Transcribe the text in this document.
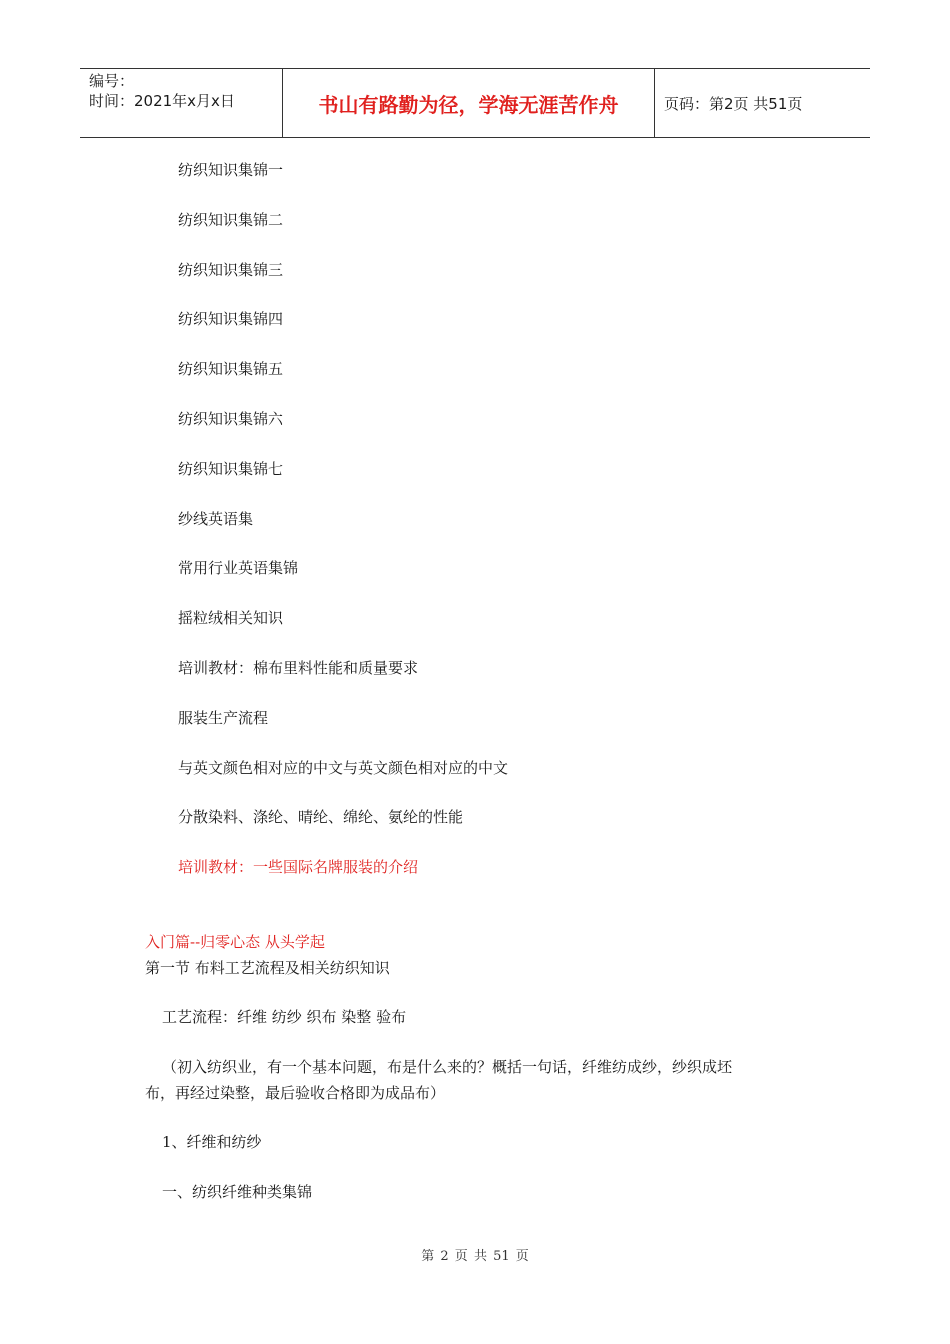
编号：
时间：2021年x月x日	书山有路勤为径，学海无涯苦作舟	页码：第2页 共51页
纺织知识集锦一
纺织知识集锦二
纺织知识集锦三
纺织知识集锦四
纺织知识集锦五
纺织知识集锦六
纺织知识集锦七
纱线英语集
常用行业英语集锦
摇粒绒相关知识
培训教材：棉布里料性能和质量要求
服装生产流程
与英文颜色相对应的中文与英文颜色相对应的中文
分散染料、涤纶、晴纶、绵纶、氨纶的性能
培训教材：一些国际名牌服装的介绍
入门篇--归零心态 从头学起
第一节 布料工艺流程及相关纺织知识
工艺流程：纤维 纺纱 织布 染整 验布
（初入纺织业，有一个基本问题，布是什么来的？概括一句话，纤维纺成纱，纱织成坯
布，再经过染整，最后验收合格即为成品布）
1、纤维和纺纱
一、纺织纤维种类集锦
第 2 页 共 51 页
